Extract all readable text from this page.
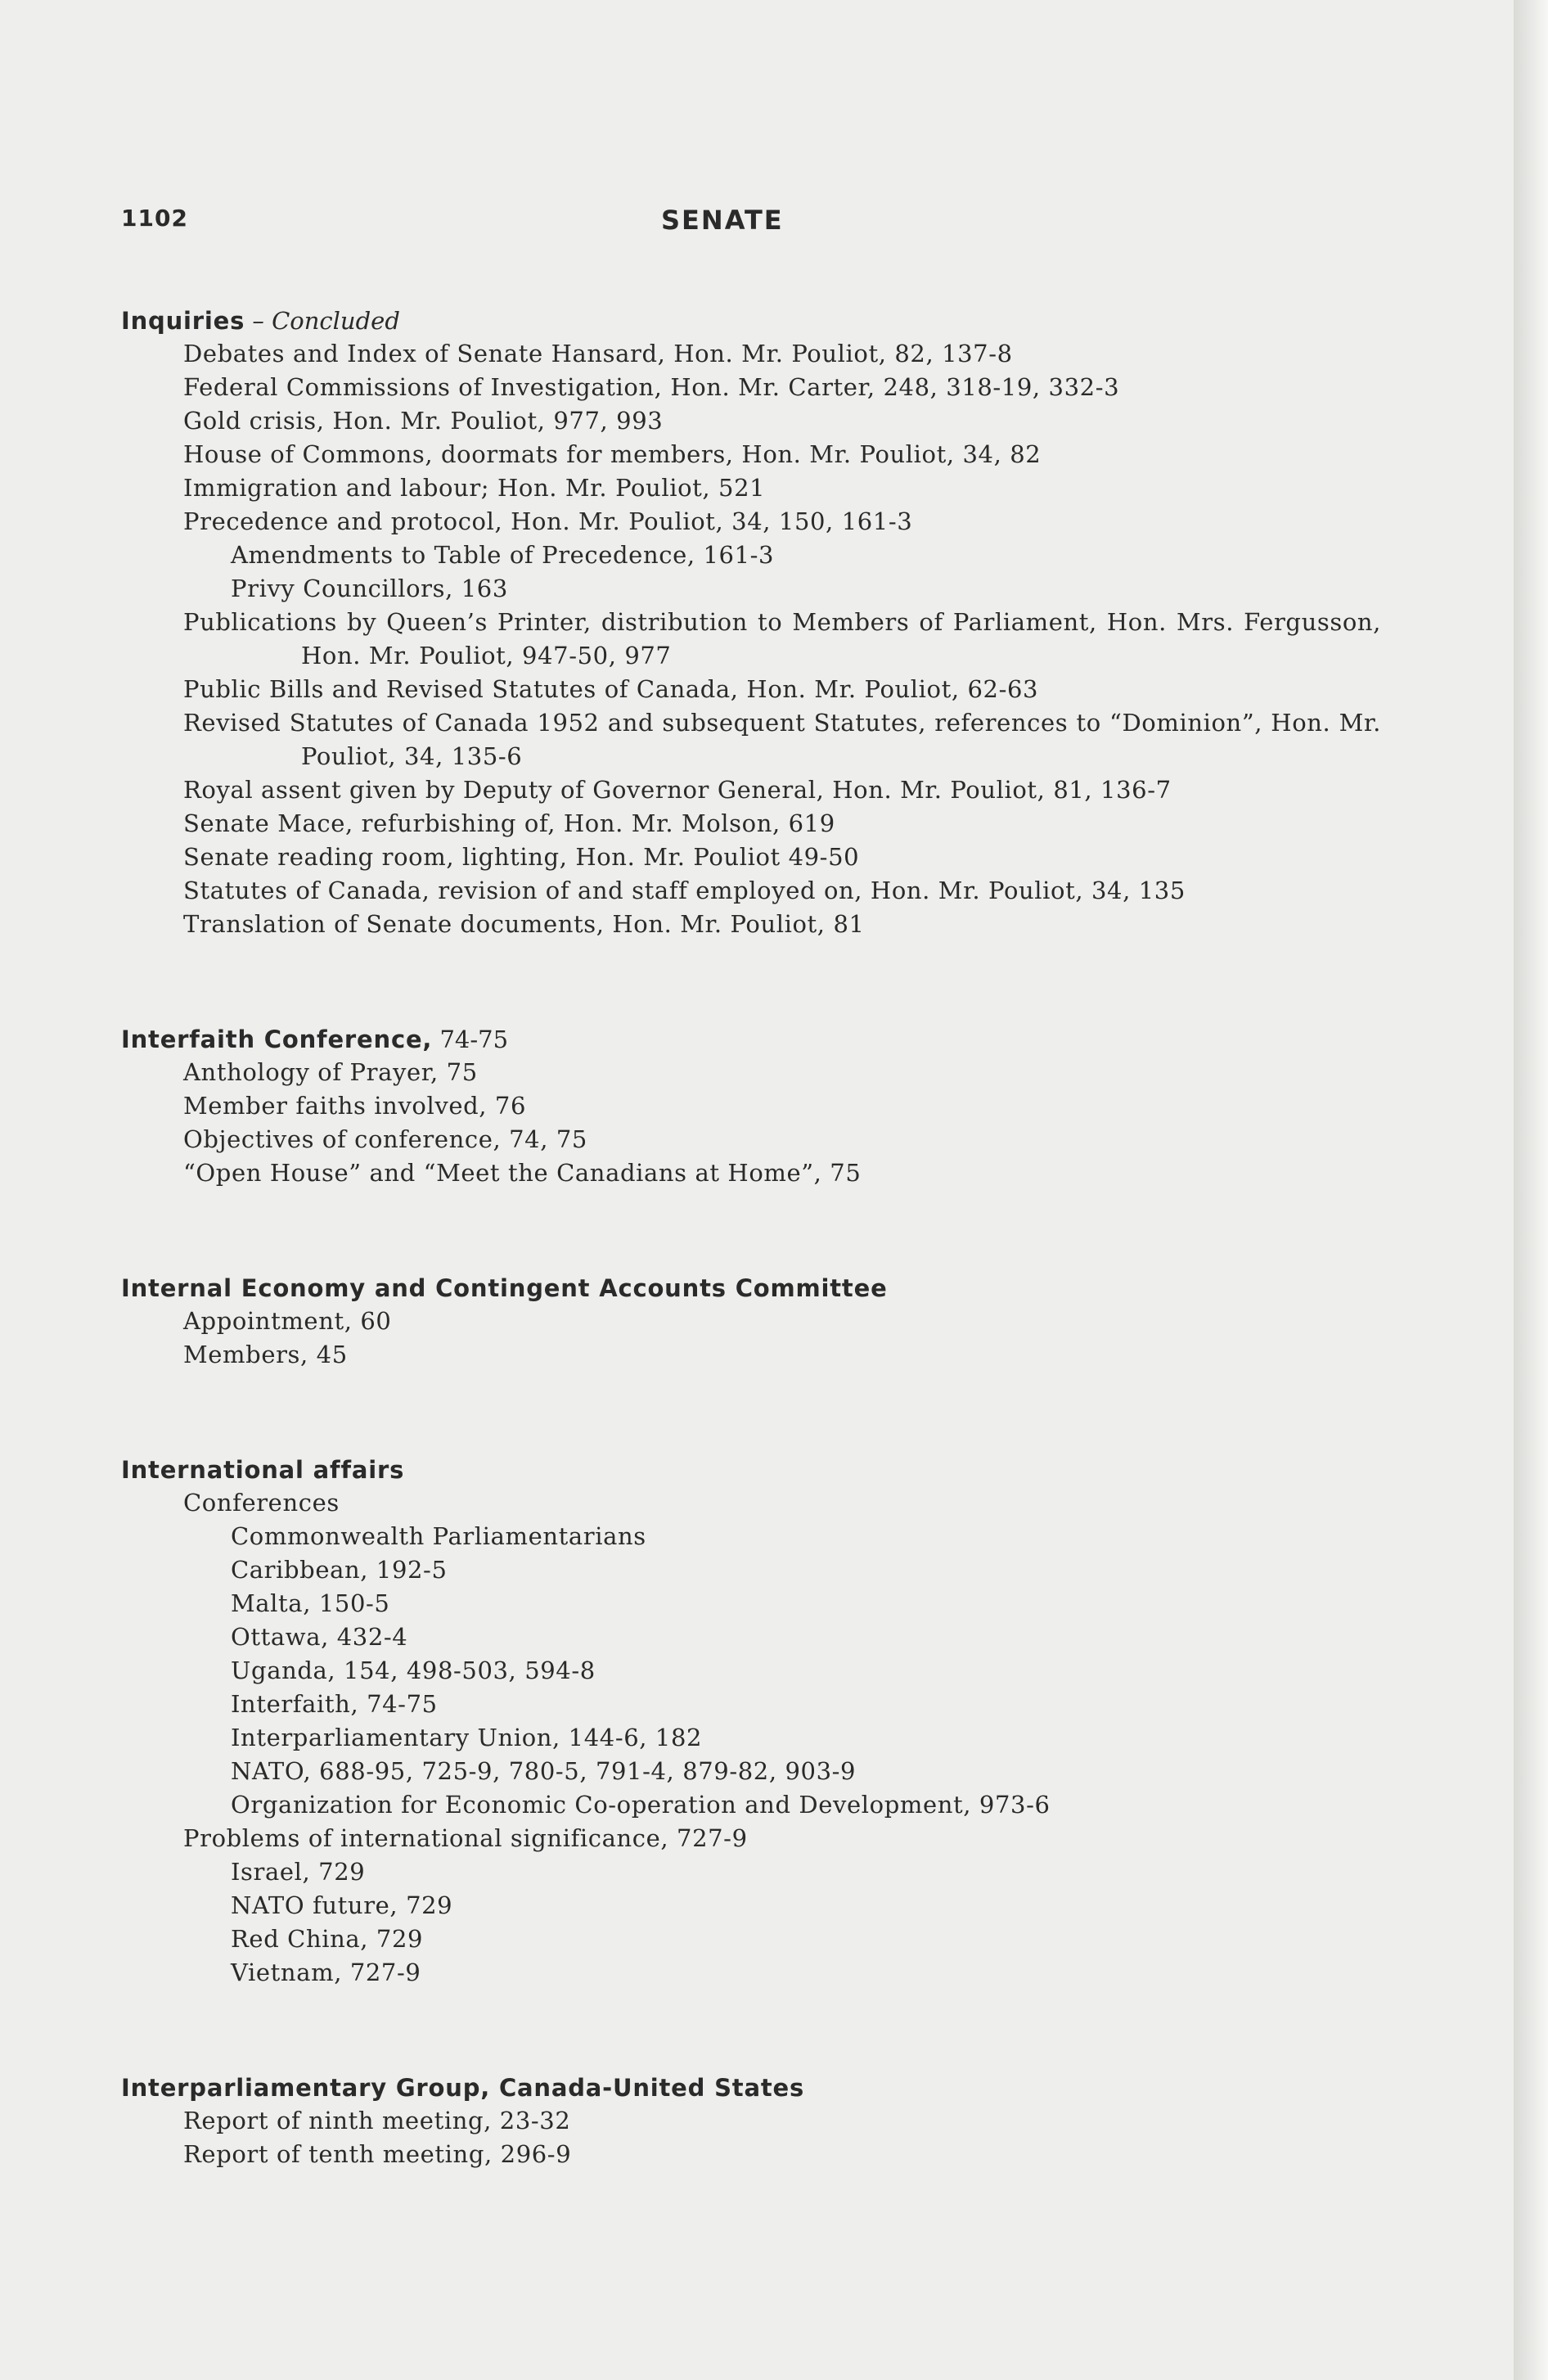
1102	SENATE
Inquiries – Concluded
Debates and Index of Senate Hansard, Hon. Mr. Pouliot, 82, 137-8
Federal Commissions of Investigation, Hon. Mr. Carter, 248, 318-19, 332-3
Gold crisis, Hon. Mr. Pouliot, 977, 993
House of Commons, doormats for members, Hon. Mr. Pouliot, 34, 82
Immigration and labour; Hon. Mr. Pouliot, 521
Precedence and protocol, Hon. Mr. Pouliot, 34, 150, 161-3
Amendments to Table of Precedence, 161-3
Privy Councillors, 163
Publications by Queen’s Printer, distribution to Members of Parliament, Hon. Mrs. Fergusson, Hon. Mr. Pouliot, 947-50, 977
Public Bills and Revised Statutes of Canada, Hon. Mr. Pouliot, 62-63
Revised Statutes of Canada 1952 and subsequent Statutes, references to “Dominion”, Hon. Mr. Pouliot, 34, 135-6
Royal assent given by Deputy of Governor General, Hon. Mr. Pouliot, 81, 136-7
Senate Mace, refurbishing of, Hon. Mr. Molson, 619
Senate reading room, lighting, Hon. Mr. Pouliot 49-50
Statutes of Canada, revision of and staff employed on, Hon. Mr. Pouliot, 34, 135
Translation of Senate documents, Hon. Mr. Pouliot, 81
Interfaith Conference, 74-75
Anthology of Prayer, 75
Member faiths involved, 76
Objectives of conference, 74, 75
“Open House” and “Meet the Canadians at Home”, 75
Internal Economy and Contingent Accounts Committee
Appointment, 60
Members, 45
International affairs
Conferences
Commonwealth Parliamentarians
Caribbean, 192-5
Malta, 150-5
Ottawa, 432-4
Uganda, 154, 498-503, 594-8
Interfaith, 74-75
Interparliamentary Union, 144-6, 182
NATO, 688-95, 725-9, 780-5, 791-4, 879-82, 903-9
Organization for Economic Co-operation and Development, 973-6
Problems of international significance, 727-9
Israel, 729
NATO future, 729
Red China, 729
Vietnam, 727-9
Interparliamentary Group, Canada-United States
Report of ninth meeting, 23-32
Report of tenth meeting, 296-9
